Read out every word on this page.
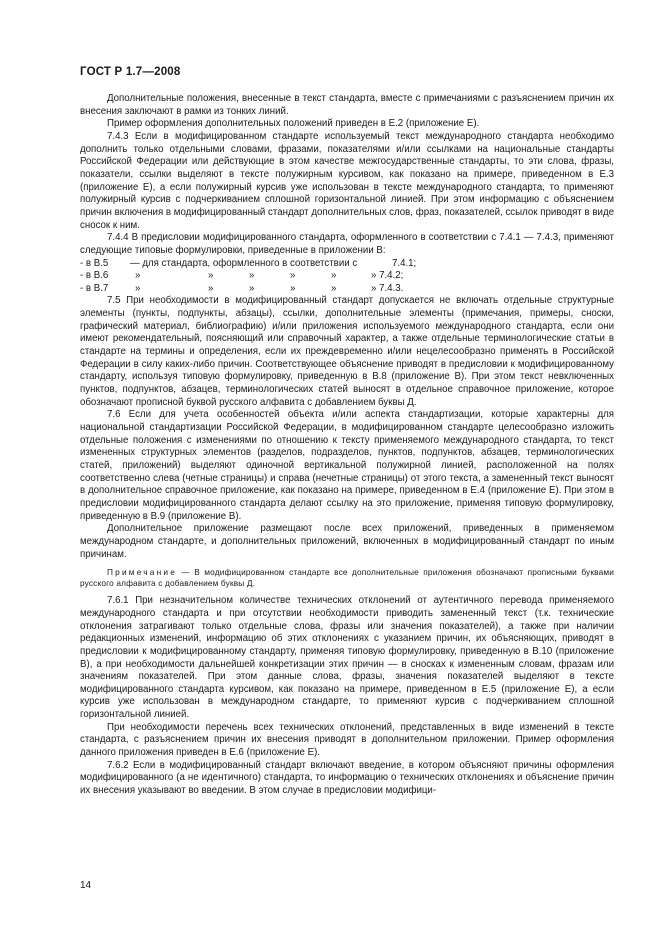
ГОСТ Р 1.7—2008

Дополнительные положения, внесенные в текст стандарта, вместе с примечаниями с разъяснением причин их внесения заключают в рамки из тонких линий.

Пример оформления дополнительных положений приведен в Е.2 (приложение Е).

7.4.3 Если в модифицированном стандарте используемый текст международного стандарта необходимо дополнить только отдельными словами, фразами, показателями и/или ссылками на национальные стандарты Российской Федерации или действующие в этом качестве межгосударственные стандарты, то эти слова, фразы, показатели, ссылки выделяют в тексте полужирным курсивом, как показано на примере, приведенном в Е.3 (приложение Е), а если полужирный курсив уже использован в тексте международного стандарта, то применяют полужирный курсив с подчеркиванием сплошной горизонтальной линией. При этом информацию с объяснением причин включения в модифицированный стандарт дополнительных слов, фраз, показателей, ссылок приводят в виде сносок к ним.

7.4.4 В предисловии модифицированного стандарта, оформленного в соответствии с 7.4.1 — 7.4.3, применяют следующие типовые формулировки, приведенные в приложении В:

- в В.5	— для стандарта, оформленного в соответствии с	7.4.1;
- в В.6	»	»	»	»	»	» 7.4.2;
- в В.7	»	»	»	»	»	» 7.4.3.

7.5 При необходимости в модифицированный стандарт допускается не включать отдельные структурные элементы (пункты, подпункты, абзацы), ссылки, дополнительные элементы (примечания, примеры, сноски, графический материал, библиографию) и/или приложения используемого международного стандарта, если они имеют рекомендательный, поясняющий или справочный характер, а также отдельные терминологические статьи в стандарте на термины и определения, если их преждевременно и/или нецелесообразно применять в Российской Федерации в силу каких-либо причин. Соответствующее объяснение приводят в предисловии к модифицированному стандарту, используя типовую формулировку, приведенную в В.8 (приложение В). При этом текст невключенных пунктов, подпунктов, абзацев, терминологических статей выносят в отдельное справочное приложение, которое обозначают прописной буквой русского алфавита с добавлением буквы Д.

7.6 Если для учета особенностей объекта и/или аспекта стандартизации, которые характерны для национальной стандартизации Российской Федерации, в модифицированном стандарте целесообразно изложить отдельные положения с изменениями по отношению к тексту применяемого международного стандарта, то текст измененных структурных элементов (разделов, подразделов, пунктов, подпунктов, абзацев, терминологических статей, приложений) выделяют одиночной вертикальной полужирной линией, расположенной на полях соответственно слева (четные страницы) и справа (нечетные страницы) от этого текста, а замененный текст выносят в дополнительное справочное приложение, как показано на примере, приведенном в Е.4 (приложение Е). При этом в предисловии модифицированного стандарта делают ссылку на это приложение, применяя типовую формулировку, приведенную в В.9 (приложение В).

Дополнительное приложение размещают после всех приложений, приведенных в применяемом международном стандарте, и дополнительных приложений, включенных в модифицированный стандарт по иным причинам.

Примечание — В модифицированном стандарте все дополнительные приложения обозначают прописными буквами русского алфавита с добавлением буквы Д.

7.6.1 При незначительном количестве технических отклонений от аутентичного перевода применяемого международного стандарта и при отсутствии необходимости приводить замененный текст (т.к. технические отклонения затрагивают только отдельные слова, фразы или значения показателей), а также при наличии редакционных изменений, информацию об этих отклонениях с указанием причин, их объясняющих, приводят в предисловии к модифицированному стандарту, применяя типовую формулировку, приведенную в В.10 (приложение В), а при необходимости дальнейшей конкретизации этих причин — в сносках к измененным словам, фразам или значениям показателей. При этом данные слова, фразы, значения показателей выделяют в тексте модифицированного стандарта курсивом, как показано на примере, приведенном в Е.5 (приложение Е), а если курсив уже использован в международном стандарте, то применяют курсив с подчеркиванием сплошной горизонтальной линией.

При необходимости перечень всех технических отклонений, представленных в виде изменений в тексте стандарта, с разъяснением причин их внесения приводят в дополнительном приложении. Пример оформления данного приложения приведен в Е.6 (приложение Е).

7.6.2 Если в модифицированный стандарт включают введение, в котором объясняют причины оформления модифицированного (а не идентичного) стандарта, то информацию о технических отклонениях и объяснение причин их внесения указывают во введении. В этом случае в предисловии модифици-

14
